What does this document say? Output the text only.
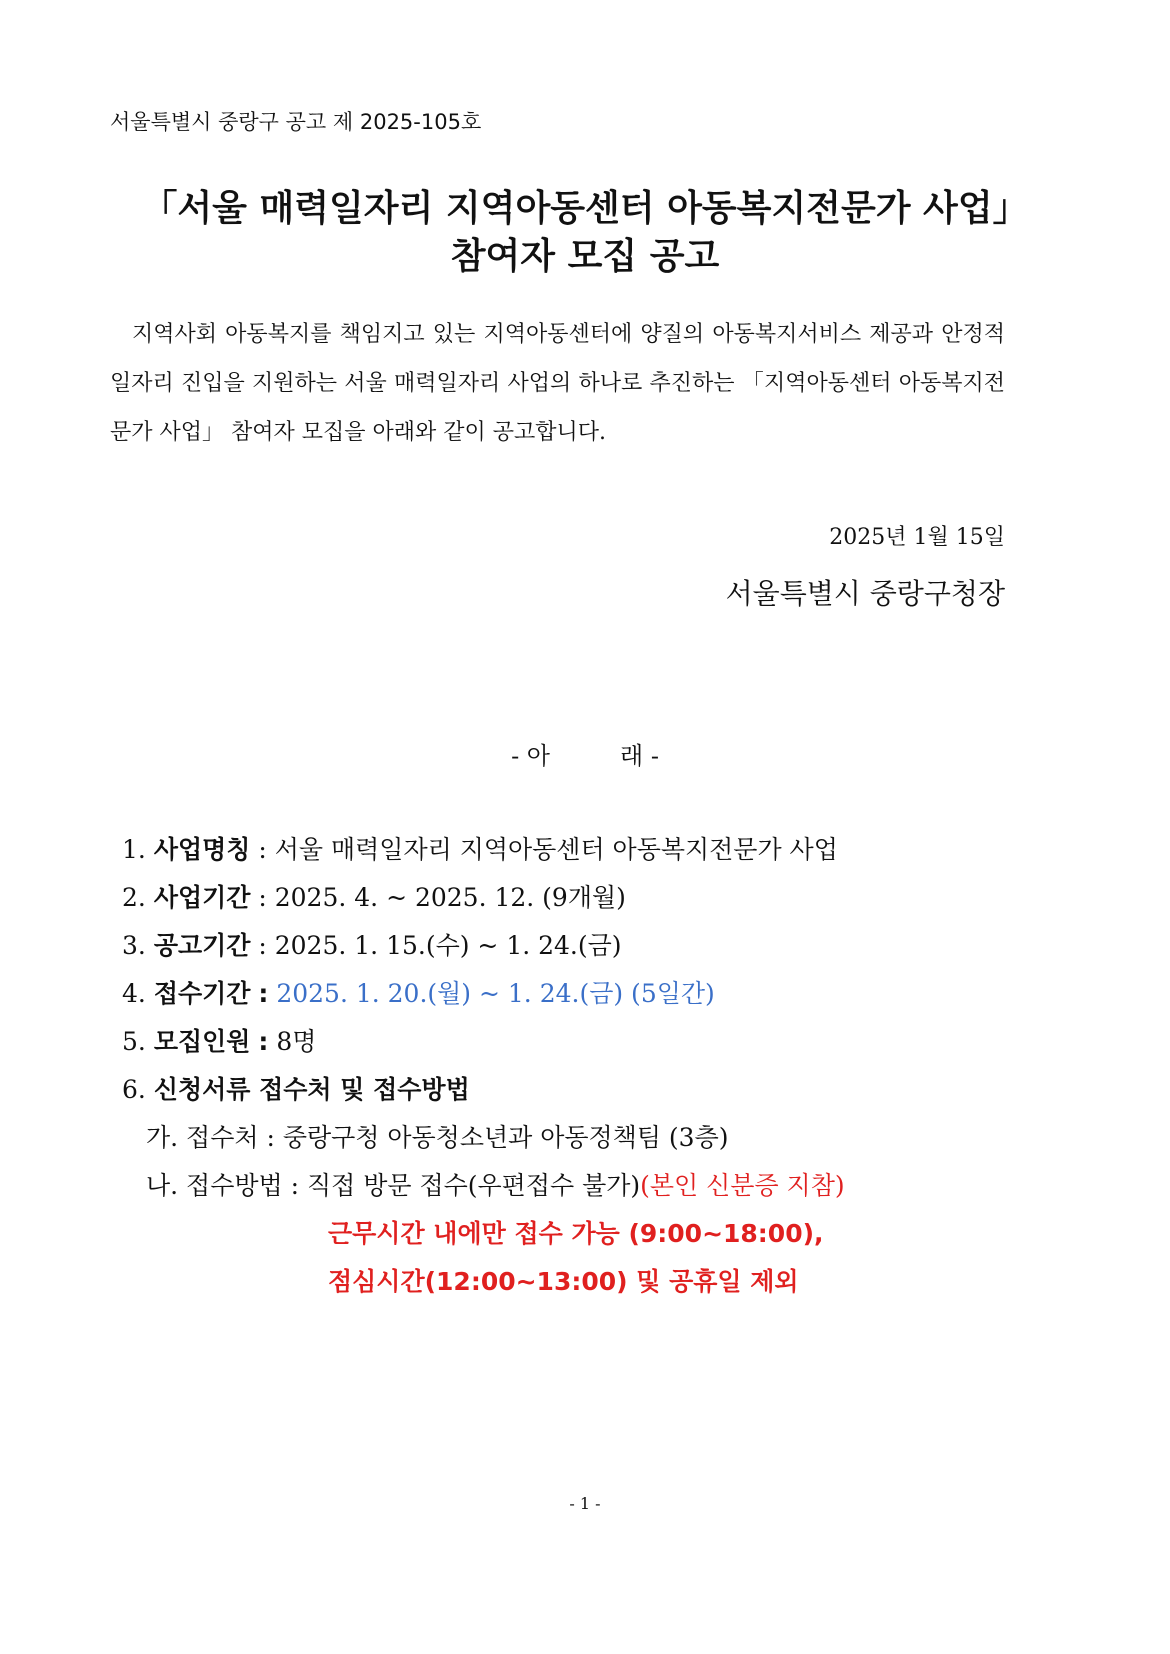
서울특별시 중랑구 공고 제 2025-105호
「서울 매력일자리 지역아동센터 아동복지전문가 사업」
참여자 모집 공고
지역사회 아동복지를 책임지고 있는 지역아동센터에 양질의 아동복지서비스 제공과 안정적 일자리 진입을 지원하는 서울 매력일자리 사업의 하나로 추진하는 「지역아동센터 아동복지전문가 사업」 참여자 모집을 아래와 같이 공고합니다.
2025년 1월 15일
서울특별시 중랑구청장
- 아	래 -
1. 사업명칭 : 서울 매력일자리 지역아동센터 아동복지전문가 사업
2. 사업기간 : 2025. 4. ~ 2025. 12. (9개월)
3. 공고기간 : 2025. 1. 15.(수) ~ 1. 24.(금)
4. 접수기간 : 2025. 1. 20.(월) ~ 1. 24.(금) (5일간)
5. 모집인원 : 8명
6. 신청서류 접수처 및 접수방법
가. 접수처 : 중랑구청 아동청소년과 아동정책팀 (3층)
나. 접수방법 : 직접 방문 접수(우편접수 불가)(본인 신분증 지참)
근무시간 내에만 접수 가능 (9:00~18:00),
점심시간(12:00~13:00) 및 공휴일 제외
- 1 -
